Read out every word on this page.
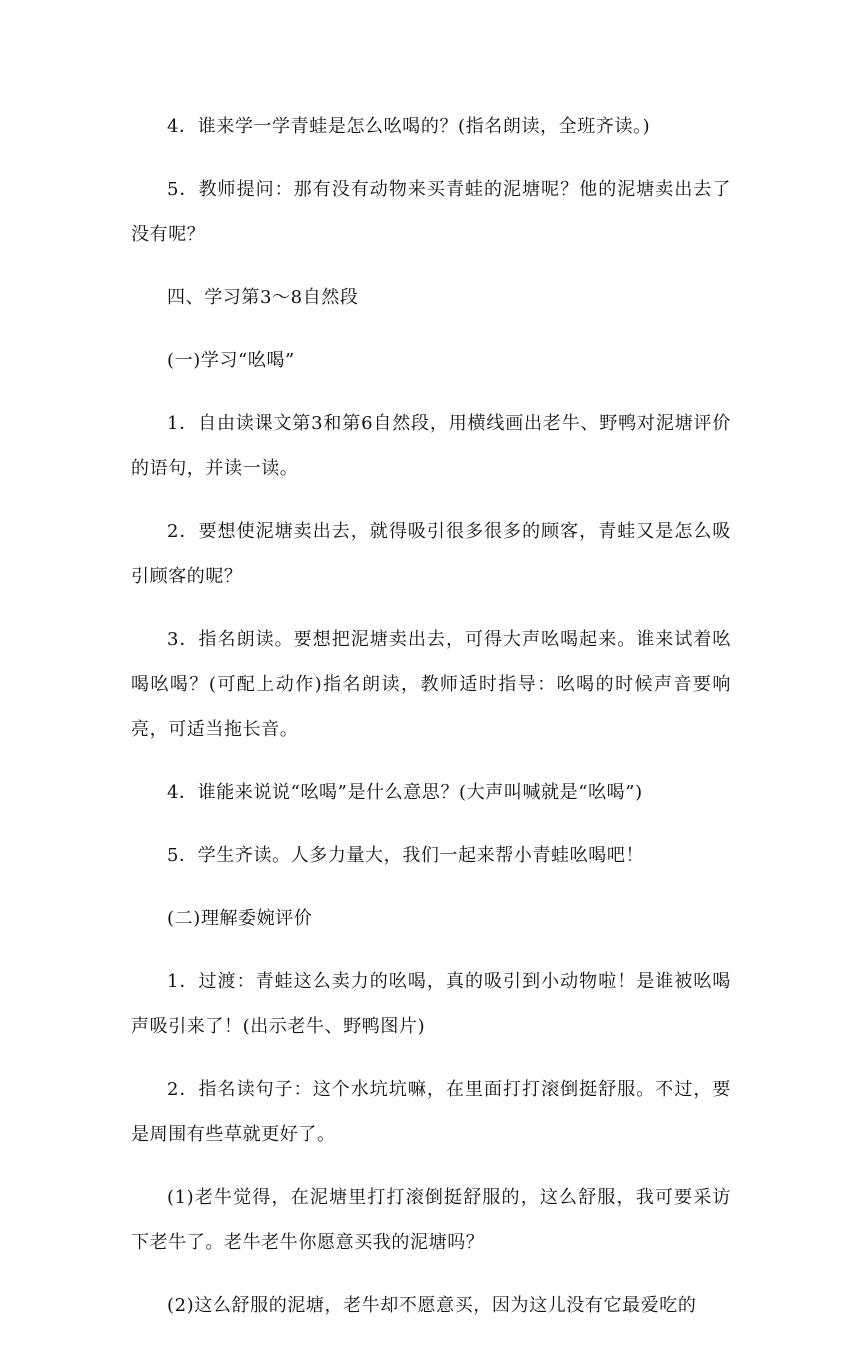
4．谁来学一学青蛙是怎么吆喝的？(指名朗读，全班齐读。)

5．教师提问：那有没有动物来买青蛙的泥塘呢？他的泥塘卖出去了没有呢？

四、学习第3～8自然段

(一)学习“吆喝”

1．自由读课文第3和第6自然段，用横线画出老牛、野鸭对泥塘评价的语句，并读一读。

2．要想使泥塘卖出去，就得吸引很多很多的顾客，青蛙又是怎么吸引顾客的呢？

3．指名朗读。要想把泥塘卖出去，可得大声吆喝起来。谁来试着吆喝吆喝？(可配上动作)指名朗读，教师适时指导：吆喝的时候声音要响亮，可适当拖长音。

4．谁能来说说“吆喝”是什么意思？(大声叫喊就是“吆喝”)

5．学生齐读。人多力量大，我们一起来帮小青蛙吆喝吧！

(二)理解委婉评价

1．过渡：青蛙这么卖力的吆喝，真的吸引到小动物啦！是谁被吆喝声吸引来了！(出示老牛、野鸭图片)

2．指名读句子：这个水坑坑嘛，在里面打打滚倒挺舒服。不过，要是周围有些草就更好了。

(1)老牛觉得，在泥塘里打打滚倒挺舒服的，这么舒服，我可要采访下老牛了。老牛老牛你愿意买我的泥塘吗？

(2)这么舒服的泥塘，老牛却不愿意买，因为这儿没有它最爱吃的
